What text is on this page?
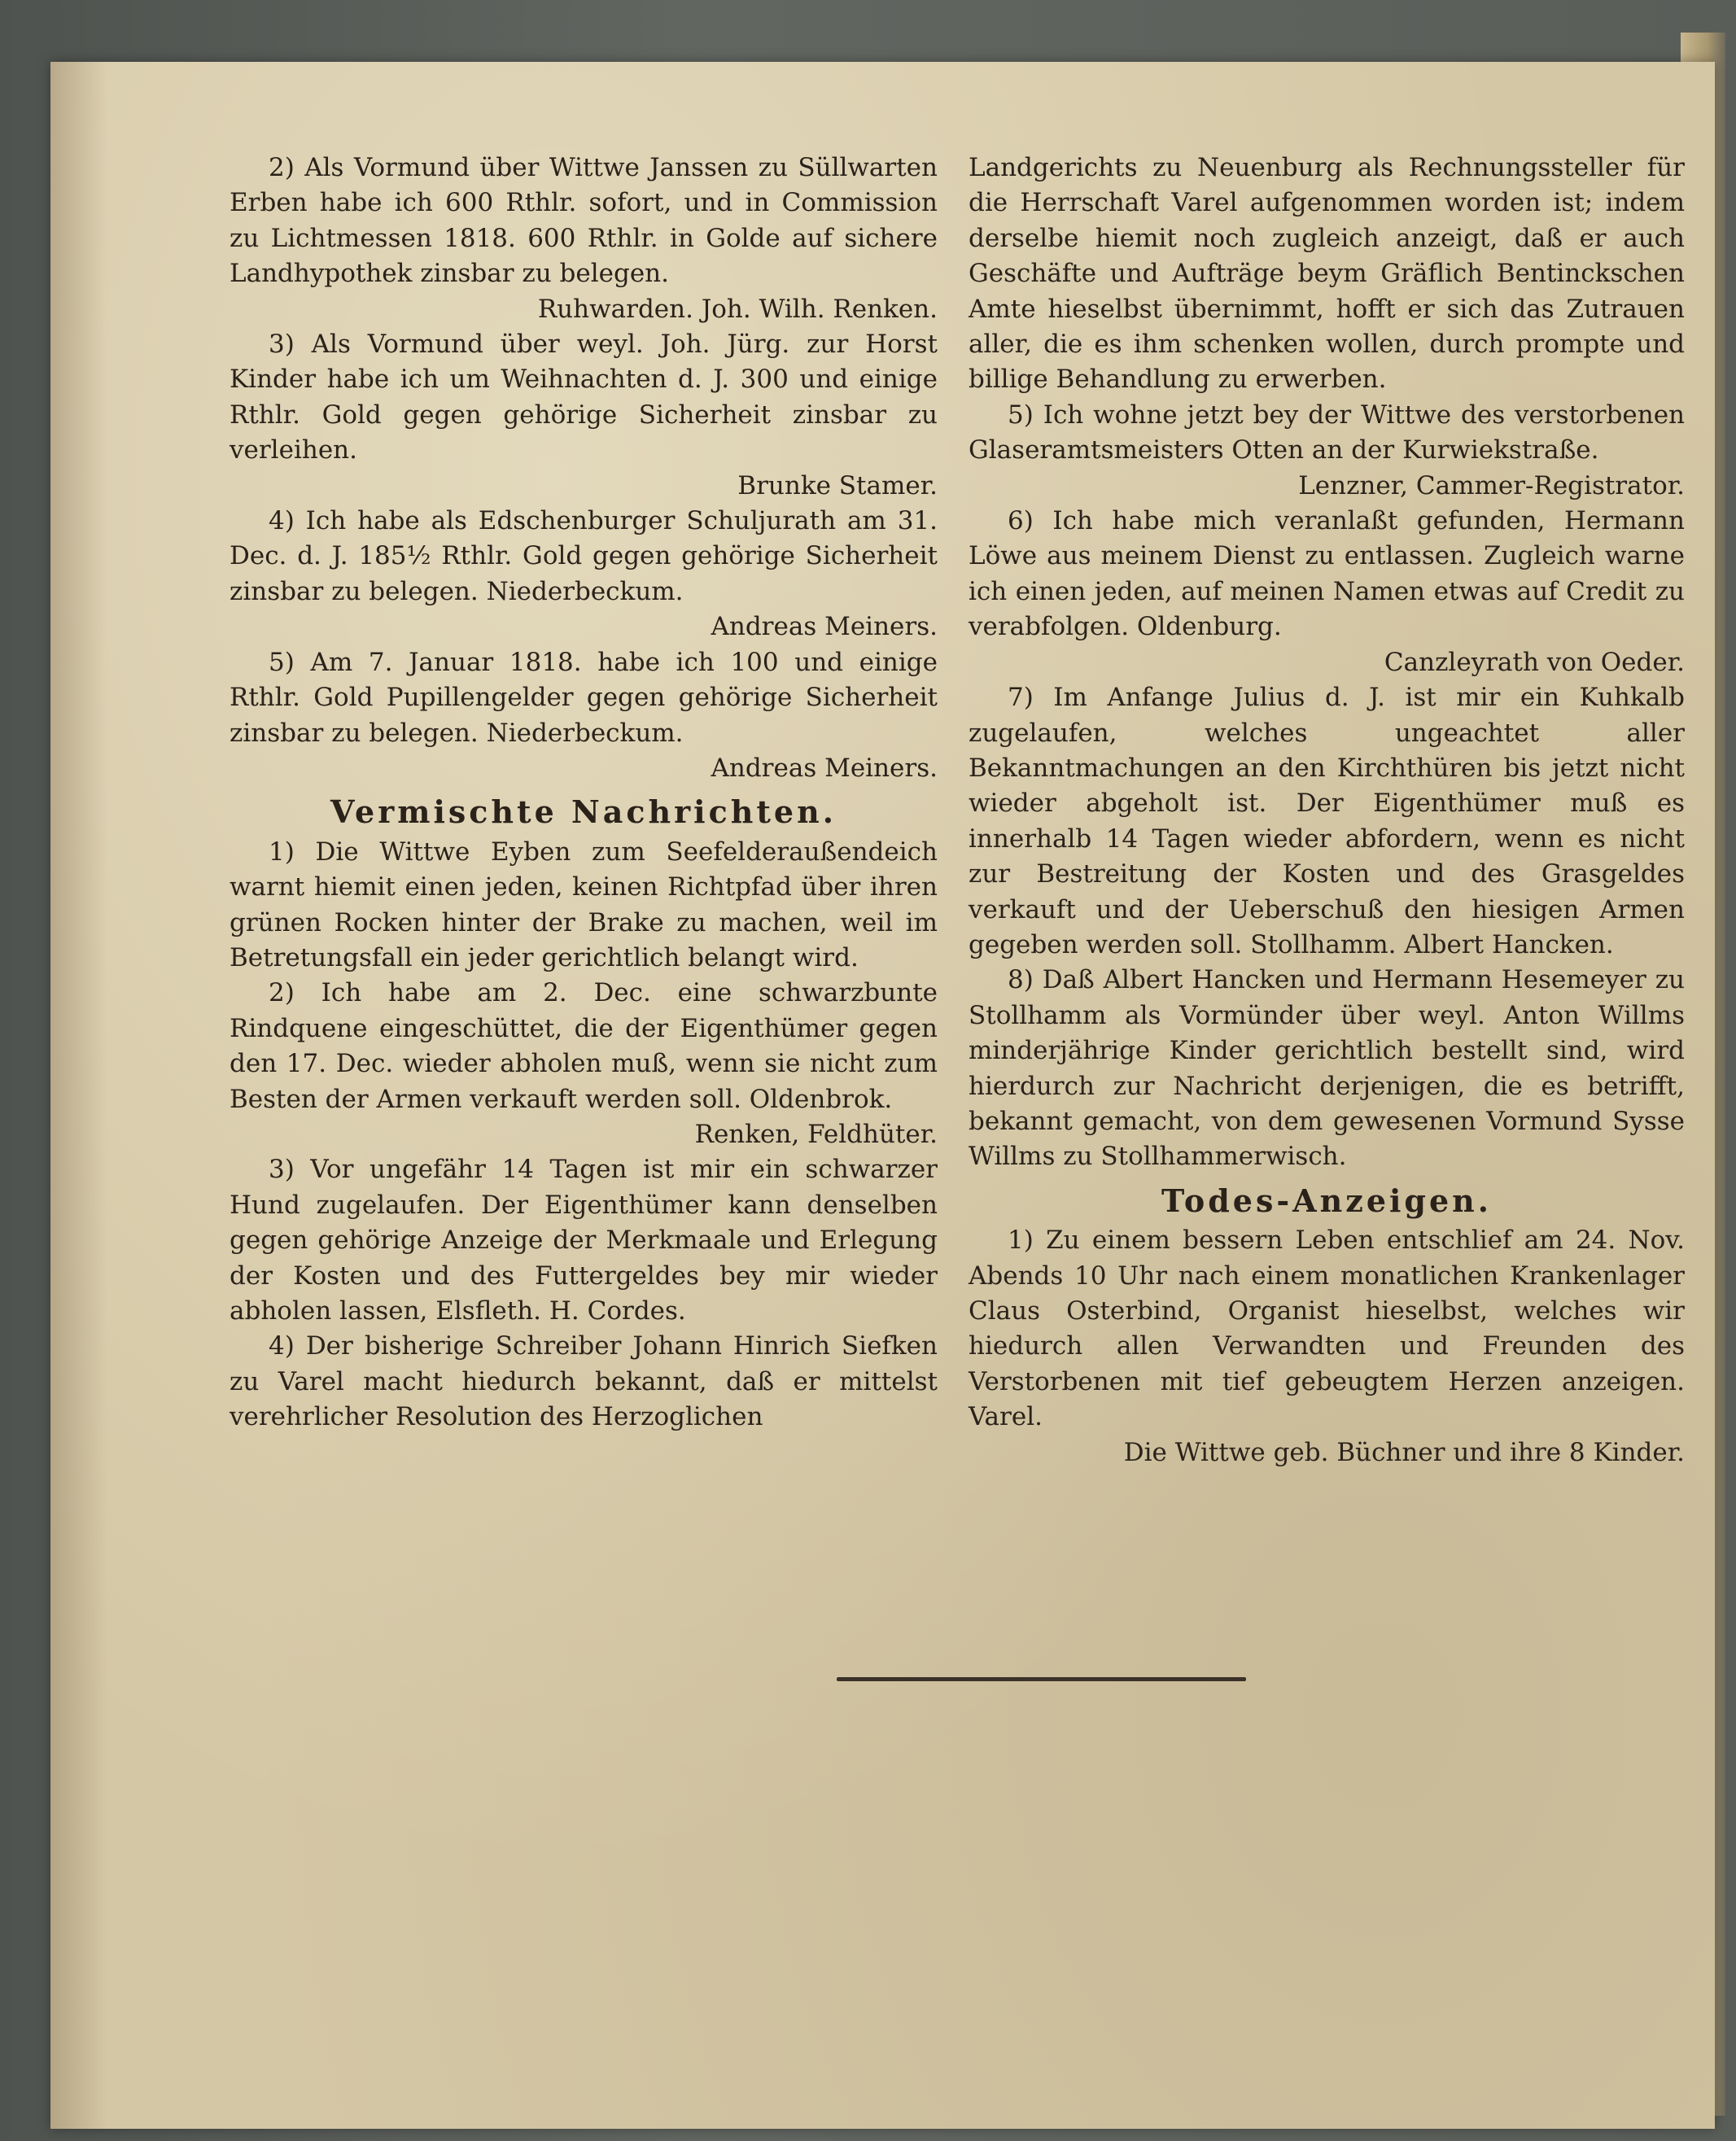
2) Als Vormund über Wittwe Janssen zu Süllwarten Erben habe ich 600 Rthlr. sofort, und in Commission zu Lichtmessen 1818. 600 Rthlr. in Golde auf sichere Landhypothek zinsbar zu belegen.

Ruhwarden. Joh. Wilh. Renken.

3) Als Vormund über weyl. Joh. Jürg. zur Horst Kinder habe ich um Weihnachten d. J. 300 und einige Rthlr. Gold gegen gehörige Sicherheit zinsbar zu verleihen.

Brunke Stamer.

4) Ich habe als Edschenburger Schuljurath am 31. Dec. d. J. 185½ Rthlr. Gold gegen gehörige Sicherheit zinsbar zu belegen. Niederbeckum.

Andreas Meiners.

5) Am 7. Januar 1818. habe ich 100 und einige Rthlr. Gold Pupillengelder gegen gehörige Sicherheit zinsbar zu belegen. Niederbeckum.

Andreas Meiners.

Vermischte Nachrichten.

1) Die Wittwe Eyben zum Seefelderaußendeich warnt hiemit einen jeden, keinen Richtpfad über ihren grünen Rocken hinter der Brake zu machen, weil im Betretungsfall ein jeder gerichtlich belangt wird.

2) Ich habe am 2. Dec. eine schwarzbunte Rindquene eingeschüttet, die der Eigenthümer gegen den 17. Dec. wieder abholen muß, wenn sie nicht zum Besten der Armen verkauft werden soll. Oldenbrok.

Renken, Feldhüter.

3) Vor ungefähr 14 Tagen ist mir ein schwarzer Hund zugelaufen. Der Eigenthümer kann denselben gegen gehörige Anzeige der Merkmaale und Erlegung der Kosten und des Futtergeldes bey mir wieder abholen lassen, Elsfleth. H. Cordes.

4) Der bisherige Schreiber Johann Hinrich Siefken zu Varel macht hiedurch bekannt, daß er mittelst verehrlicher Resolution des Herzoglichen

Landgerichts zu Neuenburg als Rechnungssteller für die Herrschaft Varel aufgenommen worden ist; indem derselbe hiemit noch zugleich anzeigt, daß er auch Geschäfte und Aufträge beym Gräflich Bentinckschen Amte hieselbst übernimmt, hofft er sich das Zutrauen aller, die es ihm schenken wollen, durch prompte und billige Behandlung zu erwerben.

5) Ich wohne jetzt bey der Wittwe des verstorbenen Glaseramtsmeisters Otten an der Kurwiekstraße.

Lenzner, Cammer-Registrator.

6) Ich habe mich veranlaßt gefunden, Hermann Löwe aus meinem Dienst zu entlassen. Zugleich warne ich einen jeden, auf meinen Namen etwas auf Credit zu verabfolgen. Oldenburg.

Canzleyrath von Oeder.

7) Im Anfange Julius d. J. ist mir ein Kuhkalb zugelaufen, welches ungeachtet aller Bekanntmachungen an den Kirchthüren bis jetzt nicht wieder abgeholt ist. Der Eigenthümer muß es innerhalb 14 Tagen wieder abfordern, wenn es nicht zur Bestreitung der Kosten und des Grasgeldes verkauft und der Ueberschuß den hiesigen Armen gegeben werden soll. Stollhamm. Albert Hancken.

8) Daß Albert Hancken und Hermann Hesemeyer zu Stollhamm als Vormünder über weyl. Anton Willms minderjährige Kinder gerichtlich bestellt sind, wird hierdurch zur Nachricht derjenigen, die es betrifft, bekannt gemacht, von dem gewesenen Vormund Sysse Willms zu Stollhammerwisch.

Todes-Anzeigen.

1) Zu einem bessern Leben entschlief am 24. Nov. Abends 10 Uhr nach einem monatlichen Krankenlager Claus Osterbind, Organist hieselbst, welches wir hiedurch allen Verwandten und Freunden des Verstorbenen mit tief gebeugtem Herzen anzeigen. Varel.

Die Wittwe geb. Büchner und ihre 8 Kinder.
